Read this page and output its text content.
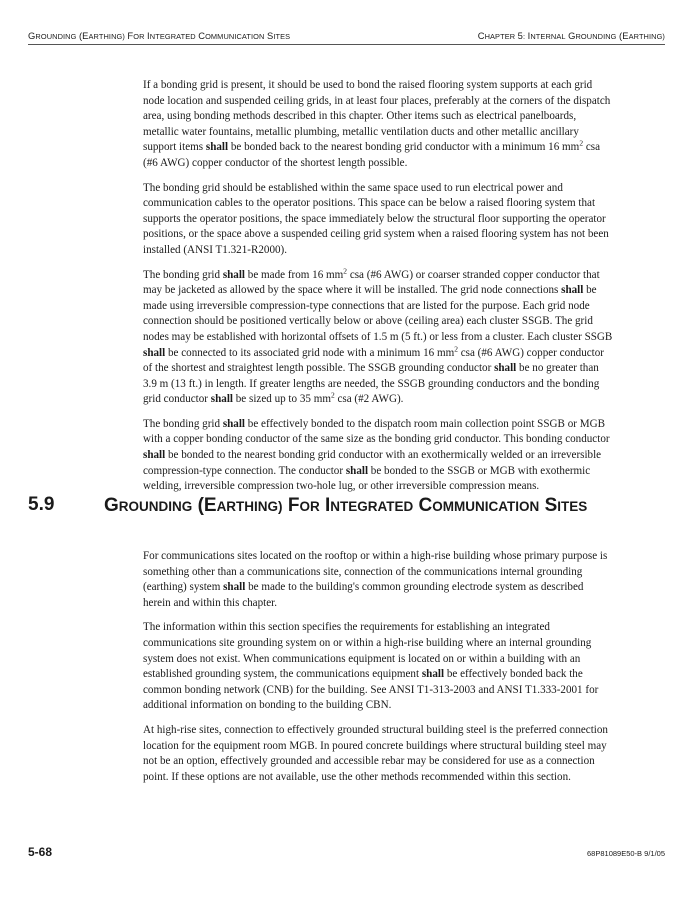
GROUNDING (EARTHING) FOR INTEGRATED COMMUNICATION SITES	CHAPTER 5: INTERNAL GROUNDING (EARTHING)

If a bonding grid is present, it should be used to bond the raised flooring system supports at each grid node location and suspended ceiling grids, in at least four places, preferably at the corners of the dispatch area, using bonding methods described in this chapter. Other items such as electrical panelboards, metallic water fountains, metallic plumbing, metallic ventilation ducts and other metallic ancillary support items shall be bonded back to the nearest bonding grid conductor with a minimum 16 $mm^2$ csa (#6 AWG) copper conductor of the shortest length possible.

The bonding grid should be established within the same space used to run electrical power and communication cables to the operator positions. This space can be below a raised flooring system that supports the operator positions, the space immediately below the structural floor supporting the operator positions, or the space above a suspended ceiling grid system when a raised flooring system has not been installed (ANSI T1.321-R2000).

The bonding grid shall be made from 16 $mm^2$ csa (#6 AWG) or coarser stranded copper conductor that may be jacketed as allowed by the space where it will be installed. The grid node connections shall be made using irreversible compression-type connections that are listed for the purpose. Each grid node connection should be positioned vertically below or above (ceiling area) each cluster SSGB. The grid nodes may be established with horizontal offsets of 1.5 m (5 ft.) or less from a cluster. Each cluster SSGB shall be connected to its associated grid node with a minimum 16 $mm^2$ csa (#6 AWG) copper conductor of the shortest and straightest length possible. The SSGB grounding conductor shall be no greater than 3.9 m (13 ft.) in length. If greater lengths are needed, the SSGB grounding conductors and the bonding grid conductor shall be sized up to 35 $mm^2$ csa (#2 AWG).

The bonding grid shall be effectively bonded to the dispatch room main collection point SSGB or MGB with a copper bonding conductor of the same size as the bonding grid conductor. This bonding conductor shall be bonded to the nearest bonding grid conductor with an exothermically welded or an irreversible compression-type connection. The conductor shall be bonded to the SSGB or MGB with exothermic welding, irreversible compression two-hole lug, or other irreversible compression means.

5.9	GROUNDING (EARTHING) FOR INTEGRATED COMMUNICATION SITES

For communications sites located on the rooftop or within a high-rise building whose primary purpose is something other than a communications site, connection of the communications internal grounding (earthing) system shall be made to the building's common grounding electrode system as described herein and within this chapter.

The information within this section specifies the requirements for establishing an integrated communications site grounding system on or within a high-rise building where an internal grounding system does not exist. When communications equipment is located on or within a building with an established grounding system, the communications equipment shall be effectively bonded back the common bonding network (CNB) for the building. See ANSI T1-313-2003 and ANSI T1.333-2001 for additional information on bonding to the building CBN.

At high-rise sites, connection to effectively grounded structural building steel is the preferred connection location for the equipment room MGB. In poured concrete buildings where structural building steel may not be an option, effectively grounded and accessible rebar may be considered for use as a connection point. If these options are not available, use the other methods recommended within this section.

5-68	68P81089E50-B 9/1/05
